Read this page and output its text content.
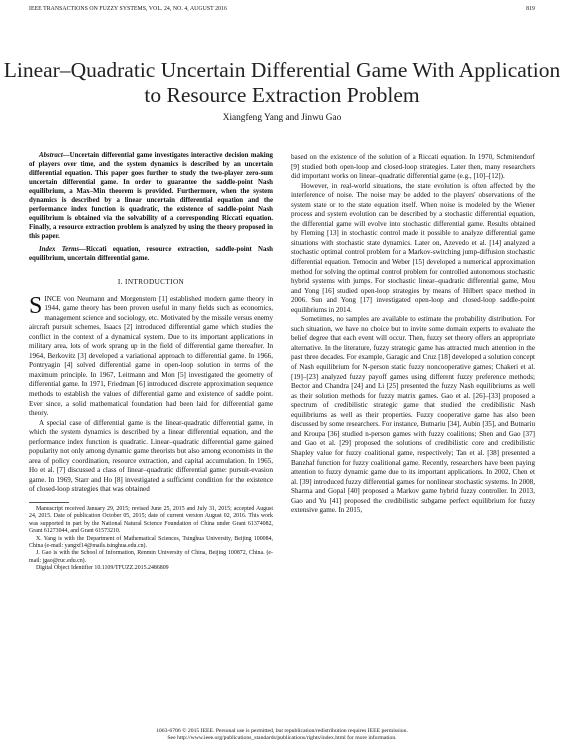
IEEE TRANSACTIONS ON FUZZY SYSTEMS, VOL. 24, NO. 4, AUGUST 2016	819
Linear–Quadratic Uncertain Differential Game With Application to Resource Extraction Problem
Xiangfeng Yang and Jinwu Gao

Abstract—Uncertain differential game investigates interactive decision making of players over time, and the system dynamics is described by an uncertain differential equation. This paper goes further to study the two-player zero-sum uncertain differential game. In order to guarantee the saddle-point Nash equilibrium, a Max–Min theorem is provided. Furthermore, when the system dynamics is described by a linear uncertain differential equation and the performance index function is quadratic, the existence of saddle-point Nash equilibrium is obtained via the solvability of a corresponding Riccati equation. Finally, a resource extraction problem is analyzed by using the theory proposed in this paper.

Index Terms—Riccati equation, resource extraction, saddle-point Nash equilibrium, uncertain differential game.

I. INTRODUCTION

SINCE von Neumann and Morgenstern [1] established modern game theory in 1944, game theory has been proven useful in many fields such as economics, management science and sociology, etc. Motivated by the missile versus enemy aircraft pursuit schemes, Isaacs [2] introduced differential game which studies the conflict in the context of a dynamical system. Due to its important applications in military area, lots of work sprang up in the field of differential game thereafter. In 1964, Berkovitz [3] developed a variational approach to differential game. In 1966, Pontryagin [4] solved differential game in open-loop solution in terms of the maximum principle. In 1967, Leitmann and Mon [5] investigated the geometry of differential game. In 1971, Friedman [6] introduced discrete approximation sequence methods to establish the values of differential game and existence of saddle point. Ever since, a solid mathematical foundation had been laid for differential game theory.

A special case of differential game is the linear-quadratic differential game, in which the system dynamics is described by a linear differential equation, and the performance index function is quadratic. Linear–quadratic differential game gained popularity not only among dynamic game theorists but also among economists in the area of policy coordination, resource extraction, and capital accumulation. In 1965, Ho et al. [7] discussed a class of linear–quadratic differential game: pursuit-evasion game. In 1969, Starr and Ho [8] investigated a sufficient condition for the existence of closed-loop strategies that was obtained

Manuscript received January 29, 2015; revised June 25, 2015 and July 31, 2015; accepted August 24, 2015. Date of publication October 05, 2015; date of current version August 02, 2016. This work was supported in part by the National Natural Science Foundation of China under Grant 61374082, Grant 61273044, and Grant 61573210.

X. Yang is with the Department of Mathematical Sciences, Tsinghua University, Beijing 100084, China (e-mail: yangxf14@mails.tsinghua.edu.cn).

J. Gao is with the School of Information, Renmin University of China, Beijing 100872, China. (e-mail: jgao@ruc.edu.cn).

Digital Object Identifier 10.1109/TFUZZ.2015.2486809

based on the existence of the solution of a Riccati equation. In 1970, Schmitendorf [9] studied both open-loop and closed-loop strategies. Later then, many researchers did important works on linear–quadratic differential game (e.g., [10]–[12]).

However, in real-world situations, the state evolution is often affected by the interference of noise. The noise may be added to the players' observations of the system state or to the state equation itself. When noise is modeled by the Wiener process and system evolution can be described by a stochastic differential equation, the differential game will evolve into stochastic differential game. Results obtained by Fleming [13] in stochastic control made it possible to analyze differential game situations with stochastic state dynamics. Later on, Azevedo et al. [14] analyzed a stochastic optimal control problem for a Markov-switching jump-diffusion stochastic differential equation. Temocin and Weber [15] developed a numerical approximation method for solving the optimal control problem for controlled autonomous stochastic hybrid systems with jumps. For stochastic linear–quadratic differential game, Mou and Yong [16] studied open-loop strategies by means of Hilbert space method in 2006. Sun and Yong [17] investigated open-loop and closed-loop saddle-point equilibriums in 2014.

Sometimes, no samples are available to estimate the probability distribution. For such situation, we have no choice but to invite some domain experts to evaluate the belief degree that each event will occur. Then, fuzzy set theory offers an appropriate alternative. In the literature, fuzzy strategic game has attracted much attention in the past three decades. For example, Garagic and Cruz [18] developed a solution concept of Nash equilibrium for N-person static fuzzy noncooperative games; Chakeri et al. [19]–[23] analyzed fuzzy payoff games using different fuzzy preference methods; Bector and Chandra [24] and Li [25] presented the fuzzy Nash equilibriums as well as their solution methods for fuzzy matrix games. Gao et al. [26]–[33] proposed a spectrum of credibilistic strategic game that studied the credibilistic Nash equilibriums as well as their properties. Fuzzy cooperative game has also been discussed by some researchers. For instance, Butnariu [34], Aubin [35], and Butnariu and Kroupa [36] studied n-person games with fuzzy coalitions; Shen and Gao [37] and Gao et al. [29] proposed the solutions of credibilistic core and credibilistic Shapley value for fuzzy coalitional game, respectively; Tan et al. [38] presented a Banzhaf function for fuzzy coalitional game. Recently, researchers have been paying attention to fuzzy dynamic game due to its important applications. In 2002, Chen et al. [39] introduced fuzzy differential games for nonlinear stochastic systems. In 2008, Sharma and Gopal [40] proposed a Markov game hybrid fuzzy controller. In 2013, Gao and Yu [41] proposed the credibilistic subgame perfect equilibrium for fuzzy extensive game. In 2015,

1063-6706 © 2015 IEEE. Personal use is permitted, but republication/redistribution requires IEEE permission.
See http://www.ieee.org/publications_standards/publications/rights/index.html for more information.
